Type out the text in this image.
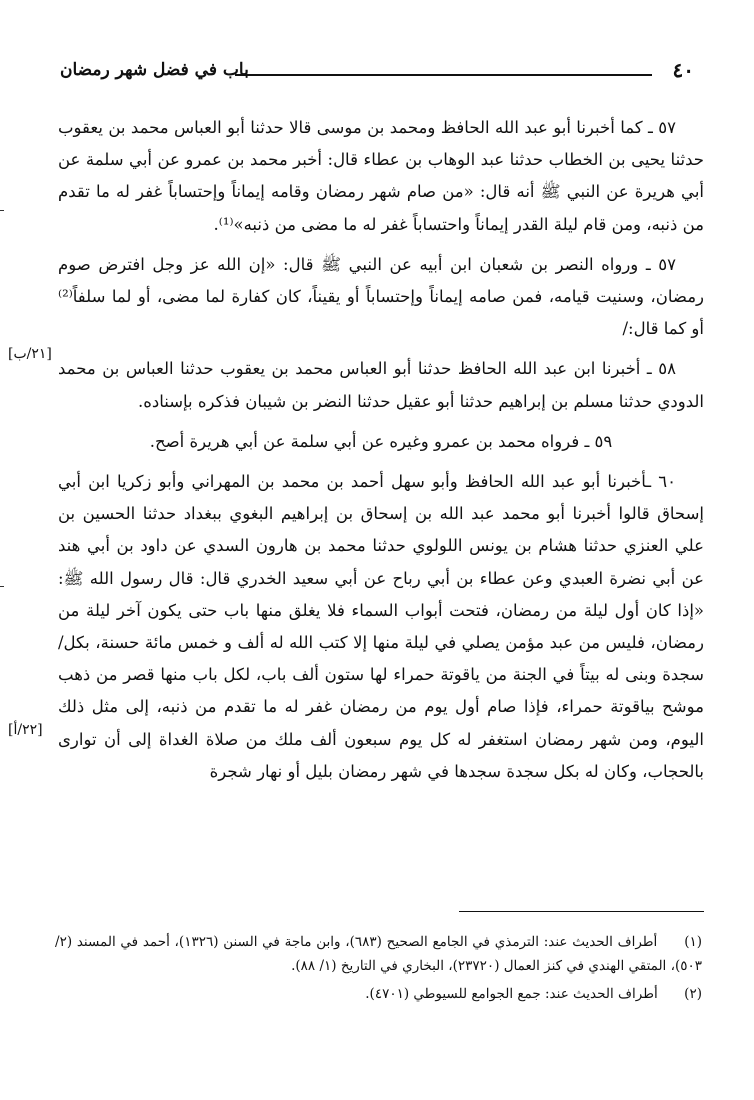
٤٠
باب في فضل شهر رمضان

٥٧ ـ كما أخبرنا أبو عبد الله الحافظ ومحمد بن موسى قالا حدثنا أبو العباس محمد بن يعقوب حدثنا يحيى بن الخطاب حدثنا عبد الوهاب بن عطاء قال: أخبر محمد بن عمرو عن أبي سلمة عن أبي هريرة عن النبي ﷺ أنه قال: «من صام شهر رمضان وقامه إيماناً وإحتساباً غفر له ما تقدم من ذنبه، ومن قام ليلة القدر إيماناً واحتساباً غفر له ما مضى من ذنبه»⁽¹⁾.

٥٧ ـ ورواه النصر بن شعبان ابن أبيه عن النبي ﷺ قال: «إن الله عز وجل افترض صوم رمضان، وسنيت قيامه، فمن صامه إيماناً وإحتساباً أو يقيناً، كان كفارة لما مضى، أو لما سلفاً⁽²⁾ أو كما قال:/

٥٨ ـ أخبرنا ابن عبد الله الحافظ حدثنا أبو العباس محمد بن يعقوب حدثنا العباس بن محمد الدودي حدثنا مسلم بن إبراهيم حدثنا أبو عقيل حدثنا النضر بن شيبان فذكره بإسناده.

٥٩ ـ فرواه محمد بن عمرو وغيره عن أبي سلمة عن أبي هريرة أصح.

٦٠ ـأخبرنا أبو عبد الله الحافظ وأبو سهل أحمد بن محمد بن المهراني وأبو زكريا ابن أبي إسحاق قالوا أخبرنا أبو محمد عبد الله بن إسحاق بن إبراهيم البغوي ببغداد حدثنا الحسين بن علي العنزي حدثنا هشام بن يونس اللولوي حدثنا محمد بن هارون السدي عن داود بن أبي هند عن أبي نضرة العبدي وعن عطاء بن أبي رباح عن أبي سعيد الخدري قال: قال رسول الله ﷺ: «إذا كان أول ليلة من رمضان، فتحت أبواب السماء فلا يغلق منها باب حتى يكون آخر ليلة من رمضان، فليس من عبد مؤمن يصلي في ليلة منها إلا كتب الله له ألف و خمس مائة حسنة، بكل/ سجدة وبنى له بيتاً في الجنة من ياقوتة حمراء لها ستون ألف باب، لكل باب منها قصر من ذهب موشح بياقوتة حمراء، فإذا صام أول يوم من رمضان غفر له ما تقدم من ذنبه، إلى مثل ذلك اليوم، ومن شهر رمضان استغفر له كل يوم سبعون ألف ملك من صلاة الغداة إلى أن توارى بالحجاب، وكان له بكل سجدة سجدها في شهر رمضان بليل أو نهار شجرة

[٢١/ب]
[٢٢/أ]

(١) أطراف الحديث عند: الترمذي في الجامع الصحيح (٦٨٣)، وابن ماجة في السنن (١٣٢٦)، أحمد في المسند (٢/ ٥٠٣)، المتقي الهندي في كنز العمال (٢٣٧٢٠)، البخاري في التاريخ (١/ ٨٨).

(٢) أطراف الحديث عند: جمع الجوامع للسيوطي (٤٧٠١).
